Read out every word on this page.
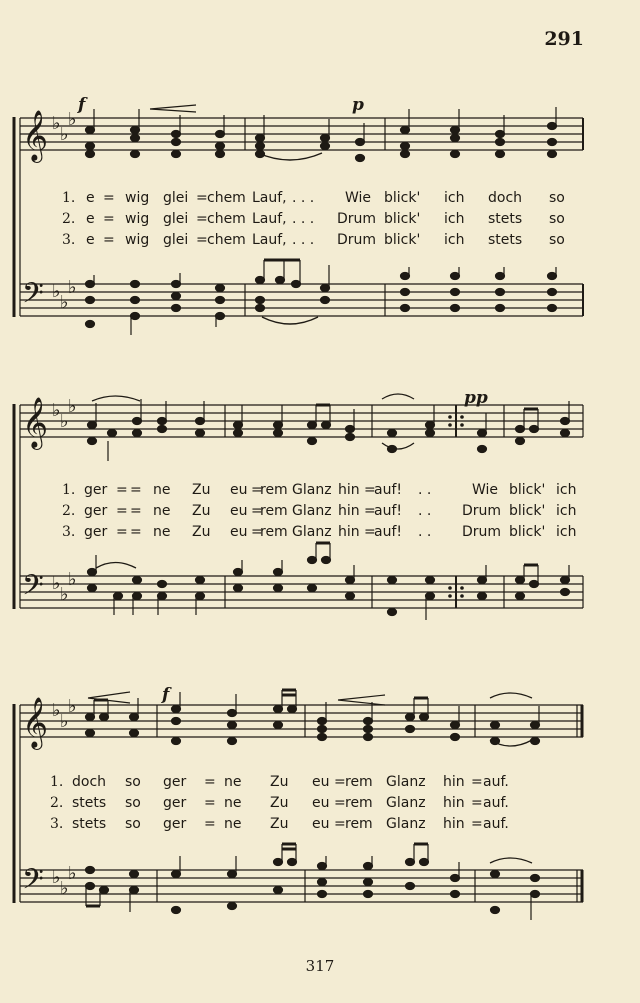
291
𝄞
𝄢
♭
♭
♭
♭
♭
♭
f	p
1. e = wig glei = chem Lauf, . . . Wie blick' ich doch so
2. e = wig glei = chem Lauf, . . . Drum blick' ich stets so
3. e = wig glei = chem Lauf, . . . Drum blick' ich stets so
𝄞
𝄢
♭
♭
♭
♭
♭
♭
pp
1. ger = = ne Zu eu =
rem Glanz hin =
auf! . .	Wie blick' ich
2. ger = = ne Zu eu =
rem Glanz hin =
auf! . . Drum blick' ich
3. ger = = ne Zu eu =
rem Glanz hin =
auf! . . Drum blick' ich
𝄞
𝄢
♭
♭
♭
♭
♭
♭
f
1. doch so ger = ne Zu eu = rem Glanz hin = auf.
2. stets so ger = ne Zu eu = rem Glanz hin = auf.
3. stets so ger = ne Zu eu = rem Glanz hin = auf.
317
